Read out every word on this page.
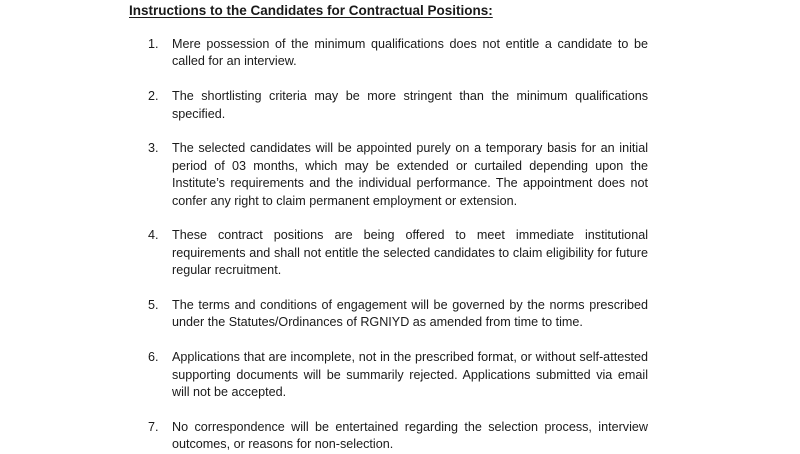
Instructions to the Candidates for Contractual Positions:
1.	Mere possession of the minimum qualifications does not entitle a candidate to be called for an interview.
2.	The shortlisting criteria may be more stringent than the minimum qualifications specified.
3.	The selected candidates will be appointed purely on a temporary basis for an initial period of 03 months, which may be extended or curtailed depending upon the Institute’s requirements and the individual performance. The appointment does not confer any right to claim permanent employment or extension.
4.	These contract positions are being offered to meet immediate institutional requirements and shall not entitle the selected candidates to claim eligibility for future regular recruitment.
5.	The terms and conditions of engagement will be governed by the norms prescribed under the Statutes/Ordinances of RGNIYD as amended from time to time.
6.	Applications that are incomplete, not in the prescribed format, or without self-attested supporting documents will be summarily rejected. Applications submitted via email will not be accepted.
7.	No correspondence will be entertained regarding the selection process, interview outcomes, or reasons for non-selection.
